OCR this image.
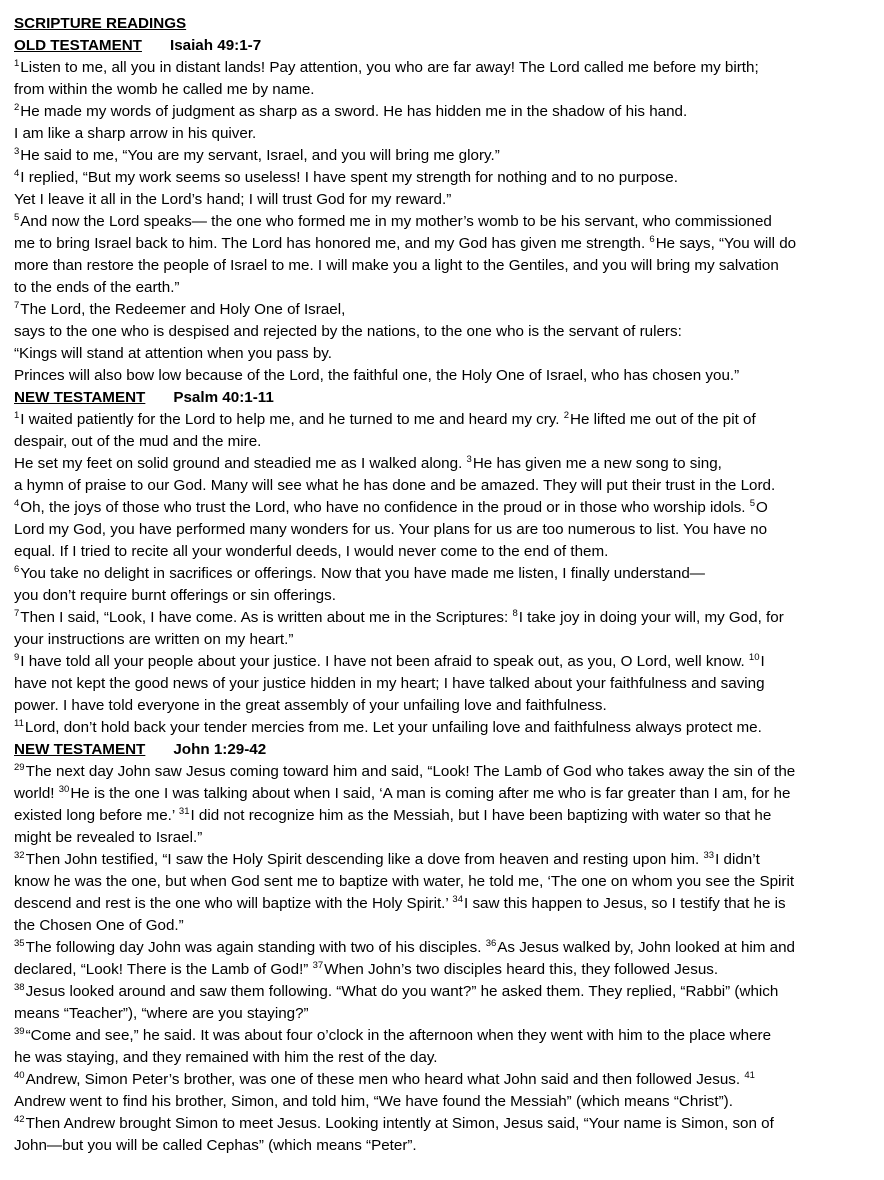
SCRIPTURE READINGS
OLD TESTAMENT Isaiah 49:1-7
$^1$Listen to me, all you in distant lands! Pay attention, you who are far away! The Lord called me before my birth;
from within the womb he called me by name.
$^2$He made my words of judgment as sharp as a sword. He has hidden me in the shadow of his hand.
I am like a sharp arrow in his quiver.
$^3$He said to me, “You are my servant, Israel, and you will bring me glory.”
$^4$I replied, “But my work seems so useless! I have spent my strength for nothing and to no purpose.
Yet I leave it all in the Lord’s hand; I will trust God for my reward.”
$^5$And now the Lord speaks— the one who formed me in my mother’s womb to be his servant, who commissioned
me to bring Israel back to him. The Lord has honored me, and my God has given me strength. $^6$He says, “You will do
more than restore the people of Israel to me. I will make you a light to the Gentiles, and you will bring my salvation
to the ends of the earth.”
$^7$The Lord, the Redeemer and Holy One of Israel,
says to the one who is despised and rejected by the nations, to the one who is the servant of rulers:
“Kings will stand at attention when you pass by.
Princes will also bow low because of the Lord, the faithful one, the Holy One of Israel, who has chosen you.”
NEW TESTAMENT Psalm 40:1-11
$^1$I waited patiently for the Lord to help me, and he turned to me and heard my cry. $^2$He lifted me out of the pit of
despair, out of the mud and the mire.
He set my feet on solid ground and steadied me as I walked along. $^3$He has given me a new song to sing,
a hymn of praise to our God. Many will see what he has done and be amazed. They will put their trust in the Lord.
$^4$Oh, the joys of those who trust the Lord, who have no confidence in the proud or in those who worship idols. $^5$O
Lord my God, you have performed many wonders for us. Your plans for us are too numerous to list. You have no
equal. If I tried to recite all your wonderful deeds, I would never come to the end of them.
$^6$You take no delight in sacrifices or offerings. Now that you have made me listen, I finally understand—
you don’t require burnt offerings or sin offerings.
$^7$Then I said, “Look, I have come. As is written about me in the Scriptures: $^8$I take joy in doing your will, my God, for
your instructions are written on my heart.”
$^9$I have told all your people about your justice. I have not been afraid to speak out, as you, O Lord, well know. $^{10}$I
have not kept the good news of your justice hidden in my heart; I have talked about your faithfulness and saving
power. I have told everyone in the great assembly of your unfailing love and faithfulness.
$^{11}$Lord, don’t hold back your tender mercies from me. Let your unfailing love and faithfulness always protect me.
NEW TESTAMENT John 1:29-42
$^{29}$The next day John saw Jesus coming toward him and said, “Look! The Lamb of God who takes away the sin of the
world! $^{30}$He is the one I was talking about when I said, ‘A man is coming after me who is far greater than I am, for he
existed long before me.’ $^{31}$I did not recognize him as the Messiah, but I have been baptizing with water so that he
might be revealed to Israel.”
$^{32}$Then John testified, “I saw the Holy Spirit descending like a dove from heaven and resting upon him. $^{33}$I didn’t
know he was the one, but when God sent me to baptize with water, he told me, ‘The one on whom you see the Spirit
descend and rest is the one who will baptize with the Holy Spirit.’ $^{34}$I saw this happen to Jesus, so I testify that he is
the Chosen One of God.”
$^{35}$The following day John was again standing with two of his disciples. $^{36}$As Jesus walked by, John looked at him and
declared, “Look! There is the Lamb of God!” $^{37}$When John’s two disciples heard this, they followed Jesus.
$^{38}$Jesus looked around and saw them following. “What do you want?” he asked them. They replied, “Rabbi” (which
means “Teacher”), “where are you staying?”
$^{39}$“Come and see,” he said. It was about four o’clock in the afternoon when they went with him to the place where
he was staying, and they remained with him the rest of the day.
$^{40}$Andrew, Simon Peter’s brother, was one of these men who heard what John said and then followed Jesus. $^{41}$
Andrew went to find his brother, Simon, and told him, “We have found the Messiah” (which means “Christ”).
$^{42}$Then Andrew brought Simon to meet Jesus. Looking intently at Simon, Jesus said, “Your name is Simon, son of
John—but you will be called Cephas” (which means “Peter”.
